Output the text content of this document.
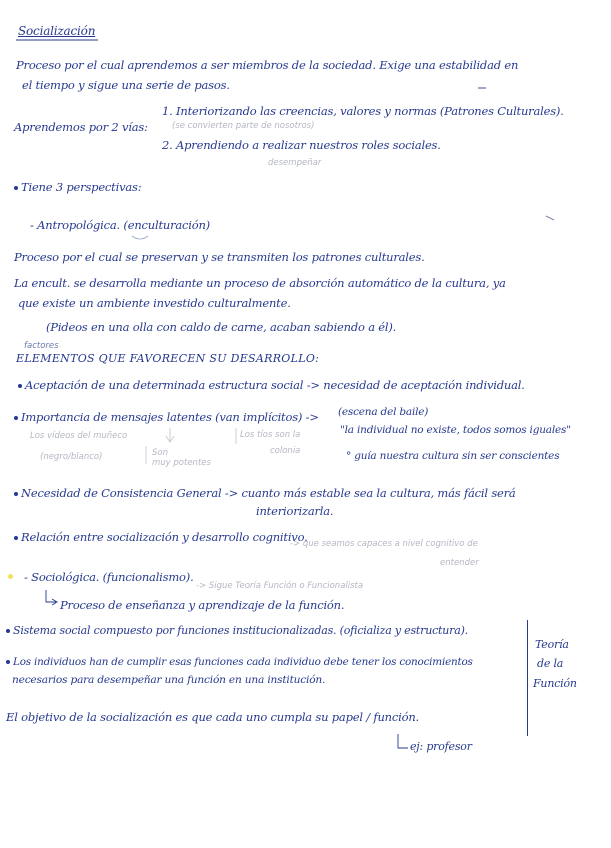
Socialización
Proceso por el cual aprendemos a ser miembros de la sociedad. Exige una estabilidad en
el tiempo y sigue una serie de pasos.
Aprendemos por 2 vías:
1. Interiorizando las creencias, valores y normas (Patrones Culturales).
(se convierten parte de nosotros)
2. Aprendiendo a realizar nuestros roles sociales.
desempeñar
Tiene 3 perspectivas:
- Antropológica. (enculturación)
Proceso por el cual se preservan y se transmiten los patrones culturales.
La encult. se desarrolla mediante un proceso de absorción automático de la cultura, ya
que existe un ambiente investido culturalmente.
(Pideos en una olla con caldo de carne, acaban sabiendo a él).
factores
ELEMENTOS QUE FAVORECEN SU DESARROLLO:
Aceptación de una determinada estructura social -> necesidad de aceptación individual.
Importancia de mensajes latentes (van implícitos) -> (escena del baile)
"la individual no existe, todos somos iguales"
° guía nuestra cultura sin ser conscientes
Los vídeos del muñeco
(negro/blanco)
Los tíos son la
colonia
Son
muy potentes
Necesidad de Consistencia General -> cuanto más estable sea la cultura, más fácil será
interiorizarla.
Relación entre socialización y desarrollo cognitivo.
-> que seamos capaces a nivel cognitivo de
entender
- Sociológica. (funcionalismo).
-> Sigue Teoría Función o Funcionalista
Proceso de enseñanza y aprendizaje de la función.
Sistema social compuesto por funciones institucionalizadas. (oficializa y estructura).
Los individuos han de cumplir esas funciones cada individuo debe tener los conocimientos
necesarios para desempeñar una función en una institución.
Teoría
de la
Función
El objetivo de la socialización es que cada uno cumpla su papel / función.
ej: profesor
